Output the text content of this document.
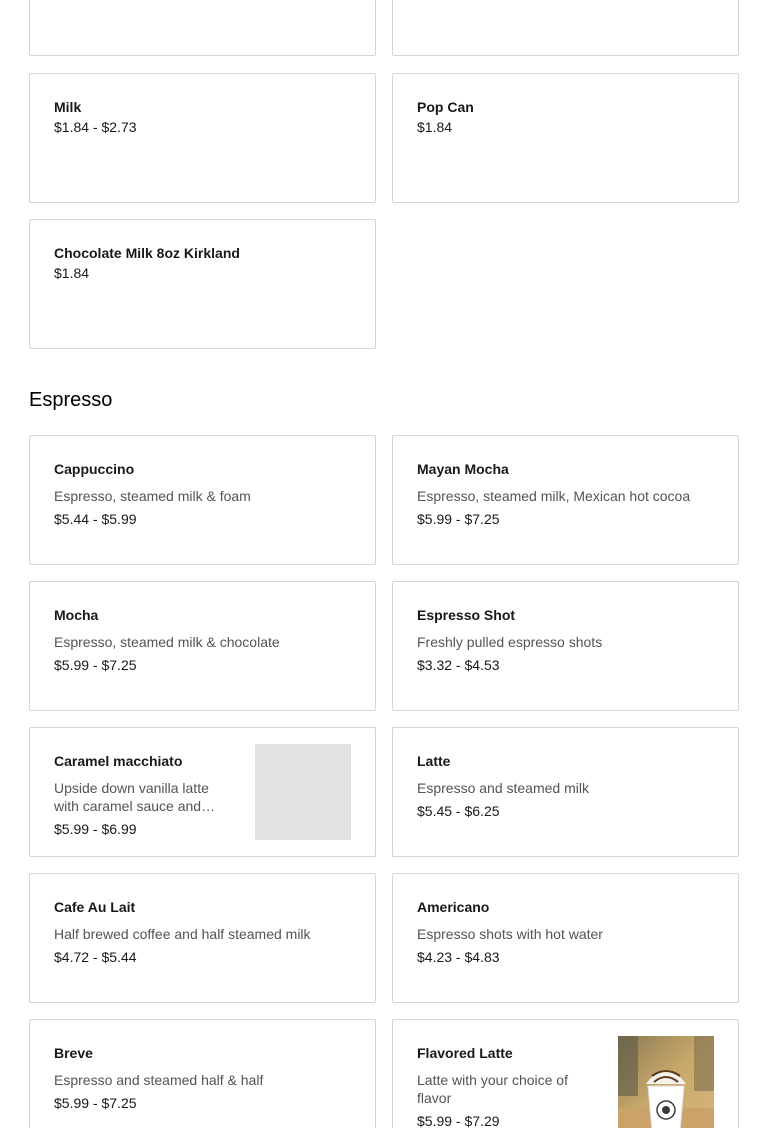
Milk
$1.84 - $2.73
Pop Can
$1.84
Chocolate Milk 8oz Kirkland
$1.84
Espresso
Cappuccino
Espresso, steamed milk & foam
$5.44 - $5.99
Mayan Mocha
Espresso, steamed milk, Mexican hot cocoa
$5.99 - $7.25
Mocha
Espresso, steamed milk & chocolate
$5.99 - $7.25
Espresso Shot
Freshly pulled espresso shots
$3.32 - $4.53
Caramel macchiato
Upside down vanilla latte with caramel sauce and
$5.99 - $6.99
Latte
Espresso and steamed milk
$5.45 - $6.25
Cafe Au Lait
Half brewed coffee and half steamed milk
$4.72 - $5.44
Americano
Espresso shots with hot water
$4.23 - $4.83
Breve
Espresso and steamed half & half
$5.99 - $7.25
Flavored Latte
Latte with your choice of flavor
$5.99 - $7.29
